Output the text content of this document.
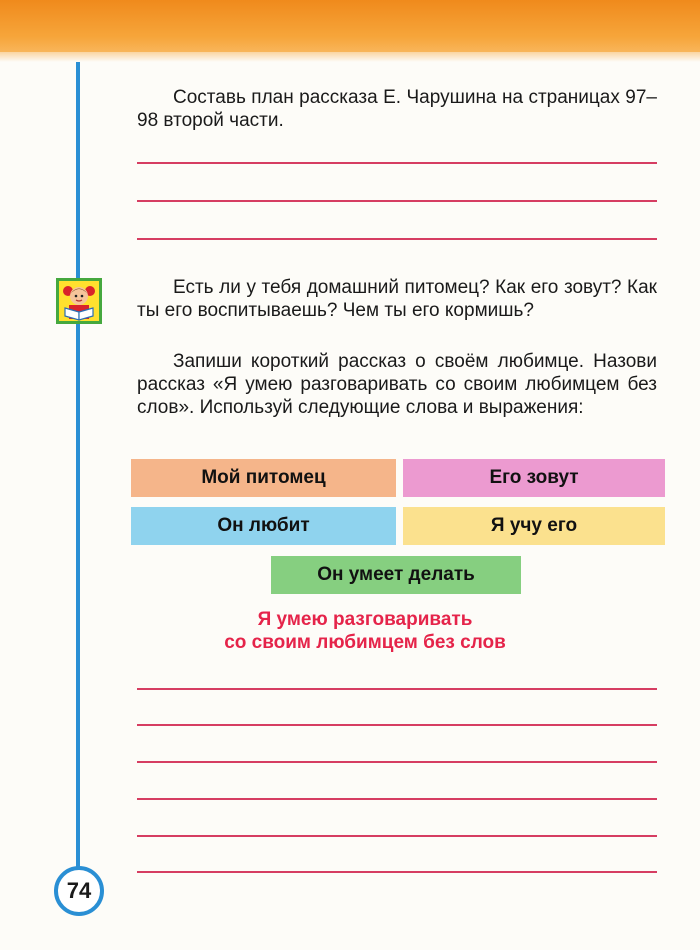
Составь план рассказа Е. Чарушина на страницах 97–98 второй части.

Есть ли у тебя домашний питомец? Как его зовут? Как ты его воспитываешь? Чем ты его кормишь?

Запиши короткий рассказ о своём любимце. Назови рассказ «Я умею разговаривать со своим любимцем без слов». Используй следующие слова и выражения:

Мой питомец	Его зовут
Он любит	Я учу его
Он умеет делать

Я умею разговаривать
со своим любимцем без слов

74
